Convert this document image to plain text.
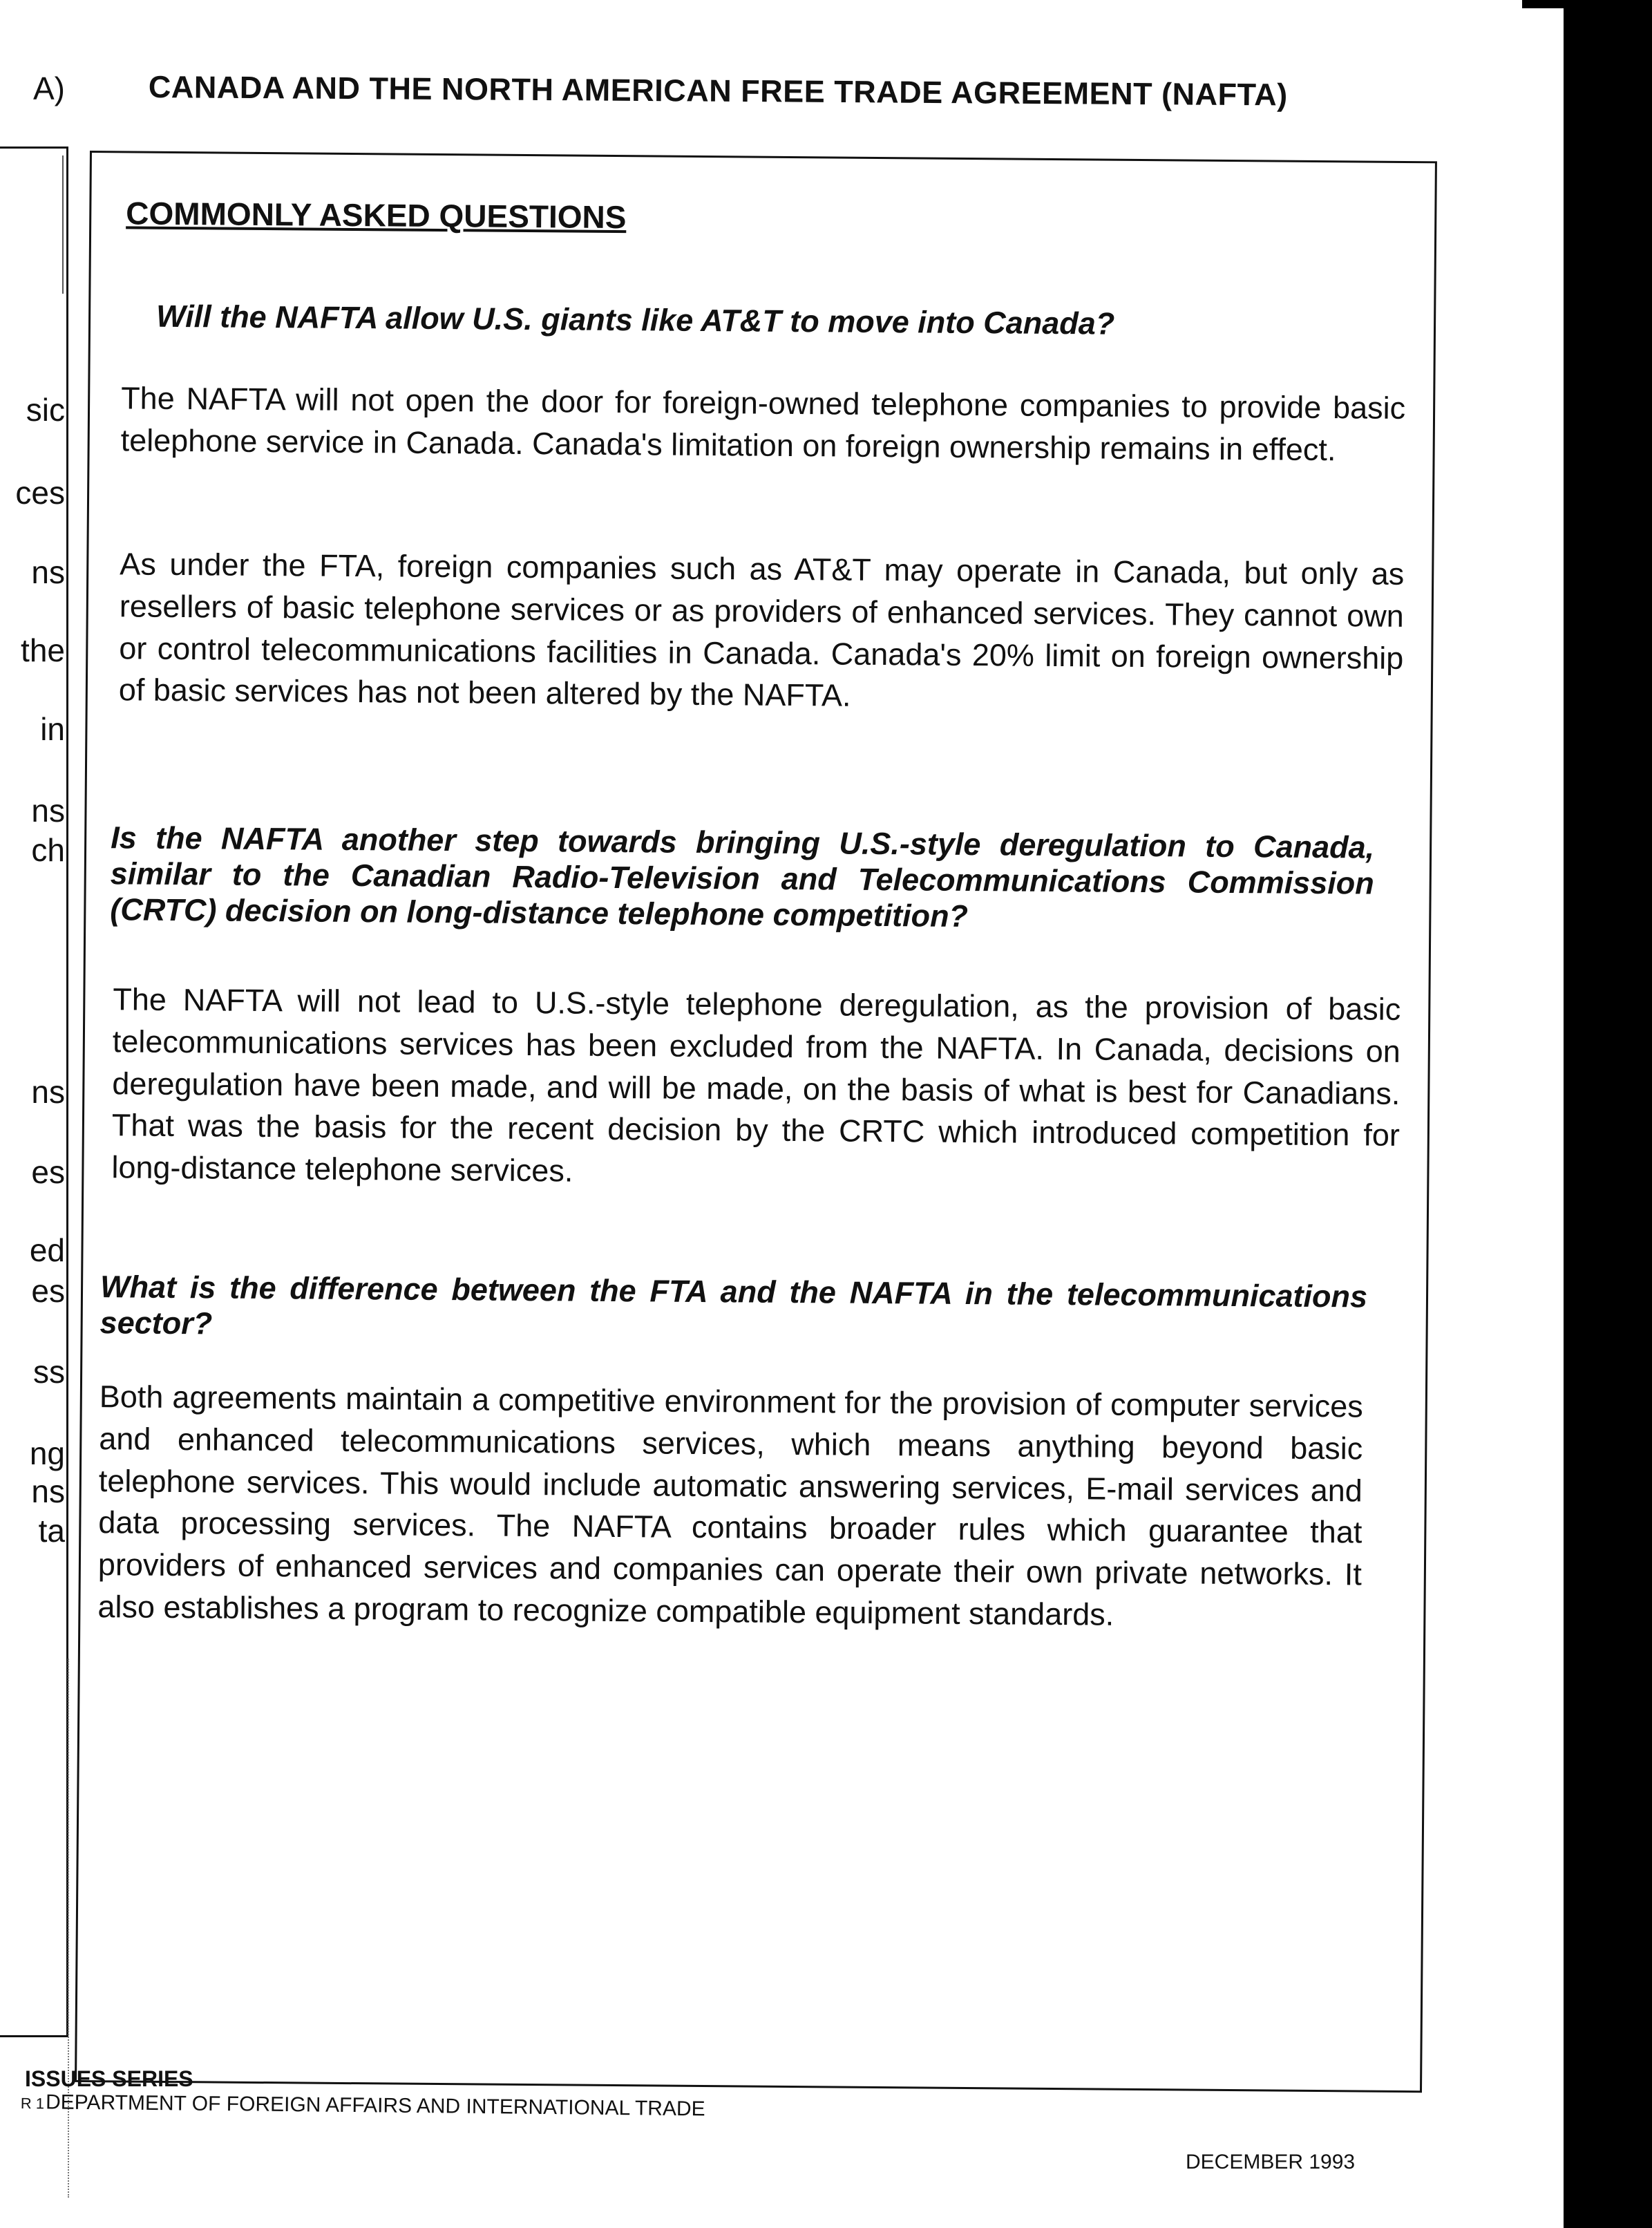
A)
sic
ces
ns
the
in
ns
ch
ns
es
ed
es
ss
ng
ns
ta
CANADA AND THE NORTH AMERICAN FREE TRADE AGREEMENT (NAFTA)
COMMONLY ASKED QUESTIONS
Will the NAFTA allow U.S. giants like AT&T to move into Canada?
The NAFTA will not open the door for foreign-owned telephone companies to provide basic telephone service in Canada. Canada's limitation on foreign ownership remains in effect.
As under the FTA, foreign companies such as AT&T may operate in Canada, but only as resellers of basic telephone services or as providers of enhanced services. They cannot own or control telecommunications facilities in Canada. Canada's 20% limit on foreign ownership of basic services has not been altered by the NAFTA.
Is the NAFTA another step towards bringing U.S.-style deregulation to Canada, similar to the Canadian Radio-Television and Telecommunications Commission (CRTC) decision on long-distance telephone competition?
The NAFTA will not lead to U.S.-style telephone deregulation, as the provision of basic telecommunications services has been excluded from the NAFTA. In Canada, decisions on deregulation have been made, and will be made, on the basis of what is best for Canadians. That was the basis for the recent decision by the CRTC which introduced competition for long-distance telephone services.
What is the difference between the FTA and the NAFTA in the telecommunications sector?
Both agreements maintain a competitive environment for the provision of computer services and enhanced telecommunications services, which means anything beyond basic telephone services. This would include automatic answering services, E-mail services and data processing services. The NAFTA contains broader rules which guarantee that providers of enhanced services and companies can operate their own private networks. It also establishes a program to recognize compatible equipment standards.
ISSUES SERIES
R 1DEPARTMENT OF FOREIGN AFFAIRS AND INTERNATIONAL TRADE
DECEMBER 1993
